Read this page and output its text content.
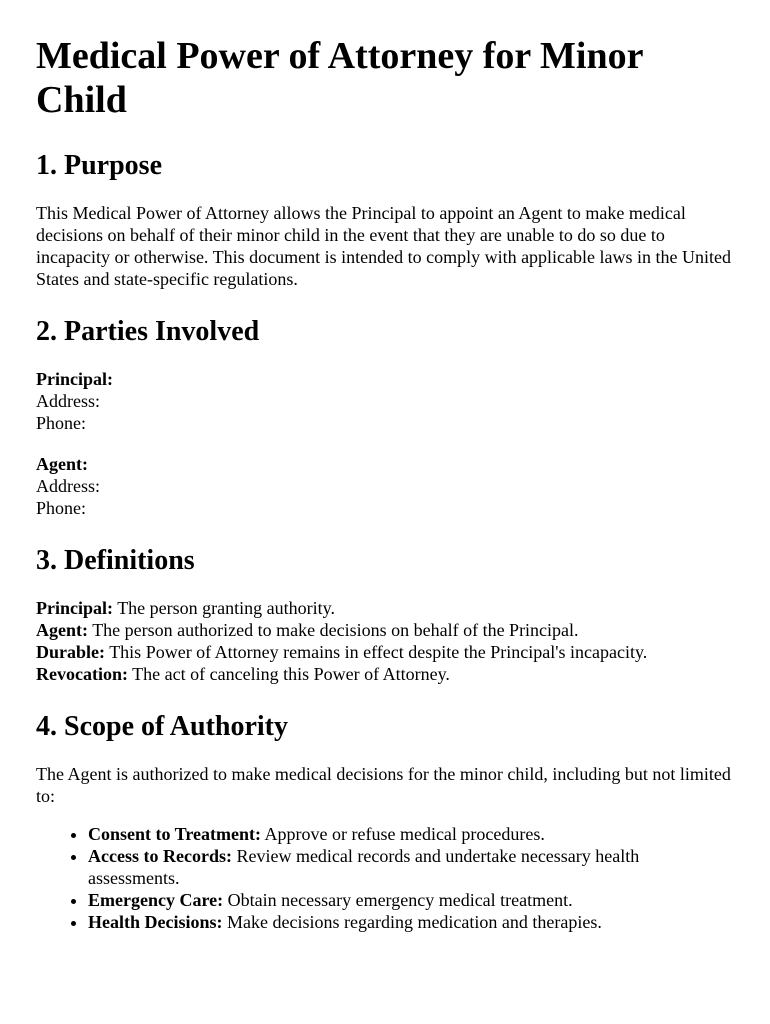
Medical Power of Attorney for Minor Child
1. Purpose

This Medical Power of Attorney allows the Principal to appoint an Agent to make medical decisions on behalf of their minor child in the event that they are unable to do so due to incapacity or otherwise. This document is intended to comply with applicable laws in the United States and state-specific regulations.

2. Parties Involved
Principal:
Address:
Phone:
Agent:
Address:
Phone:
3. Definitions
Principal: The person granting authority.
Agent: The person authorized to make decisions on behalf of the Principal.
Durable: This Power of Attorney remains in effect despite the Principal's incapacity.
Revocation: The act of canceling this Power of Attorney.
4. Scope of Authority

The Agent is authorized to make medical decisions for the minor child, including but not limited to:

• Consent to Treatment: Approve or refuse medical procedures.
• Access to Records: Review medical records and undertake necessary health assessments.
• Emergency Care: Obtain necessary emergency medical treatment.
• Health Decisions: Make decisions regarding medication and therapies.
